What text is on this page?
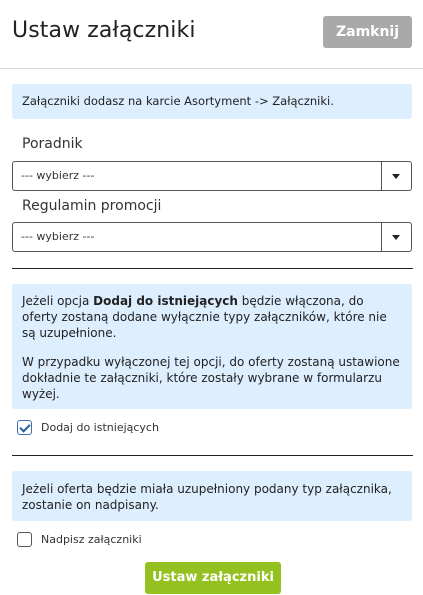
Ustaw załączniki	Zamknij
Załączniki dodasz na karcie Asortyment -> Załączniki.
Poradnik
--- wybierz ---
Regulamin promocji
--- wybierz ---

Jeżeli opcja Dodaj do istniejących będzie włączona, do oferty zostaną dodane wyłącznie typy załączników, które nie są uzupełnione.

W przypadku wyłączonej tej opcji, do oferty zostaną ustawione dokładnie te załączniki, które zostały wybrane w formularzu wyżej.

Dodaj do istniejących
Jeżeli oferta będzie miała uzupełniony podany typ załącznika, zostanie on nadpisany.
Nadpisz załączniki
Ustaw załączniki
